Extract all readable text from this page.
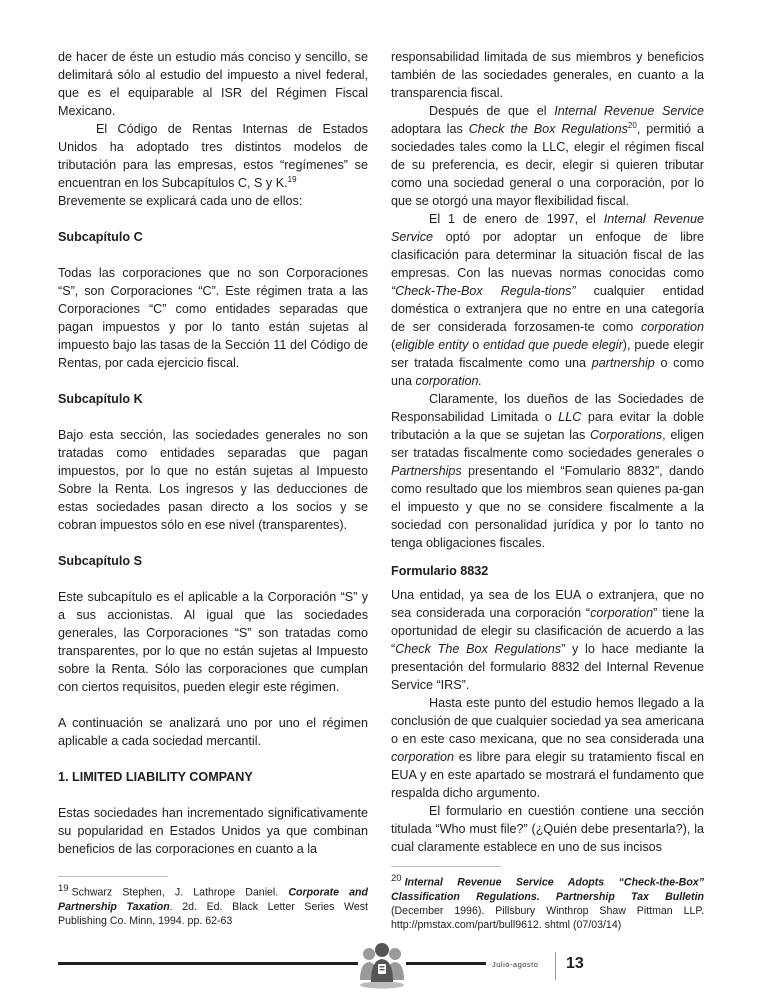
de hacer de éste un estudio más conciso y sencillo, se delimitará sólo al estudio del impuesto a nivel federal, que es el equiparable al ISR del Régimen Fiscal Mexicano.

El Código de Rentas Internas de Estados Unidos ha adoptado tres distintos modelos de tributación para las empresas, estos “regímenes” se encuentran en los Subcapítulos C, S y K.$^{19}$

Brevemente se explicará cada uno de ellos:

Subcapítulo C

Todas las corporaciones que no son Corporaciones “S”, son Corporaciones “C”. Este régimen trata a las Corporaciones “C” como entidades separadas que pagan impuestos y por lo tanto están sujetas al impuesto bajo las tasas de la Sección 11 del Código de Rentas, por cada ejercicio fiscal.

Subcapítulo K

Bajo esta sección, las sociedades generales no son tratadas como entidades separadas que pagan impuestos, por lo que no están sujetas al Impuesto Sobre la Renta. Los ingresos y las deducciones de estas sociedades pasan directo a los socios y se cobran impuestos sólo en ese nivel (transparentes).

Subcapítulo S

Este subcapítulo es el aplicable a la Corporación “S” y a sus accionistas. Al igual que las sociedades generales, las Corporaciones “S” son tratadas como transparentes, por lo que no están sujetas al Impuesto sobre la Renta. Sólo las corporaciones que cumplan con ciertos requisitos, pueden elegir este régimen.

A continuación se analizará uno por uno el régimen aplicable a cada sociedad mercantil.

1. LIMITED LIABILITY COMPANY

Estas sociedades han incrementado significativamente su popularidad en Estados Unidos ya que combinan beneficios de las corporaciones en cuanto a la

responsabilidad limitada de sus miembros y beneficios también de las sociedades generales, en cuanto a la transparencia fiscal.

Después de que el Internal Revenue Service adoptara las Check the Box Regulations$^{20}$, permitió a sociedades tales como la LLC, elegir el régimen fiscal de su preferencia, es decir, elegir si quieren tributar como una sociedad general o una corporación, por lo que se otorgó una mayor flexibilidad fiscal.

El 1 de enero de 1997, el Internal Revenue Service optó por adoptar un enfoque de libre clasificación para determinar la situación fiscal de las empresas. Con las nuevas normas conocidas como “Check-The-Box Regula-tions” cualquier entidad doméstica o extranjera que no entre en una categoría de ser considerada forzosamen-te como corporation (eligible entity o entidad que puede elegir), puede elegir ser tratada fiscalmente como una partnership o como una corporation.

Claramente, los dueños de las Sociedades de Responsabilidad Limitada o LLC para evitar la doble tributación a la que se sujetan las Corporations, eligen ser tratadas fiscalmente como sociedades generales o Partnerships presentando el “Fomulario 8832”, dando como resultado que los miembros sean quienes pa-gan el impuesto y que no se considere fiscalmente a la sociedad con personalidad jurídica y por lo tanto no tenga obligaciones fiscales.

Formulario 8832

Una entidad, ya sea de los EUA o extranjera, que no sea considerada una corporación “corporation” tiene la oportunidad de elegir su clasificación de acuerdo a las “Check The Box Regulations” y lo hace mediante la presentación del formulario 8832 del Internal Revenue Service “IRS”.

Hasta este punto del estudio hemos llegado a la conclusión de que cualquier sociedad ya sea americana o en este caso mexicana, que no sea considerada una corporation es libre para elegir su tratamiento fiscal en EUA y en este apartado se mostrará el fundamento que respalda dicho argumento.

El formulario en cuestión contiene una sección titulada “Who must file?” (¿Quién debe presentarla?), la cual claramente establece en uno de sus incisos

19 Schwarz Stephen, J. Lathrope Daniel. Corporate and Partnership Taxation. 2d. Ed. Black Letter Series West Publishing Co. Minn, 1994. pp. 62-63
20 Internal Revenue Service Adopts “Check-the-Box” Classification Regulations. Partnership Tax Bulletin (December 1996). Pillsbury Winthrop Shaw Pittman LLP. http://pmstax.com/part/bull9612. shtml (07/03/14)
Julio-agosto 13
